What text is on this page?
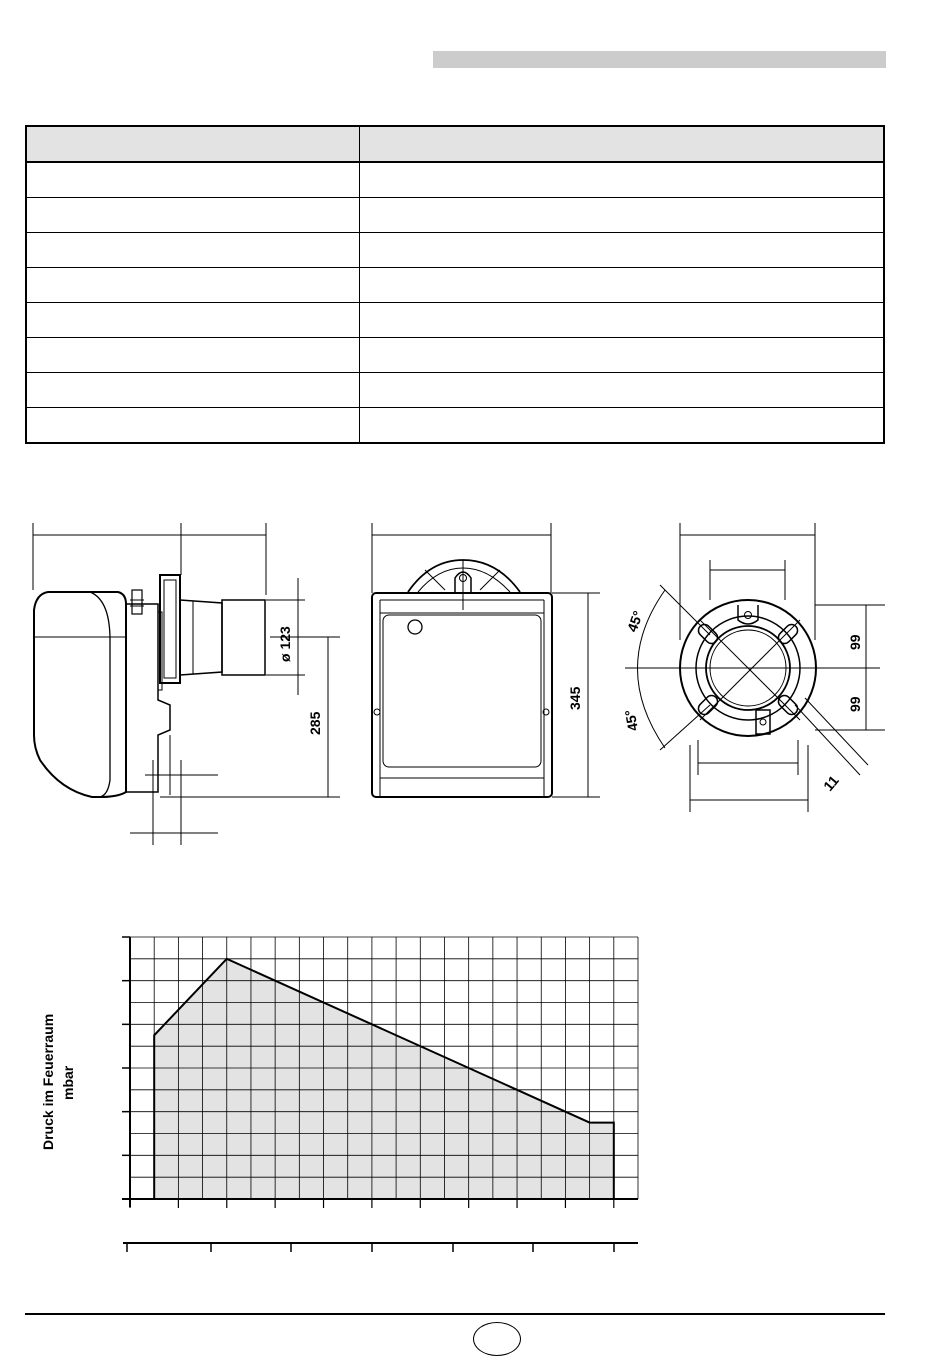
ø 123
285
345
45°
45°
99
99
11
Druck im Feuerraum mbar
